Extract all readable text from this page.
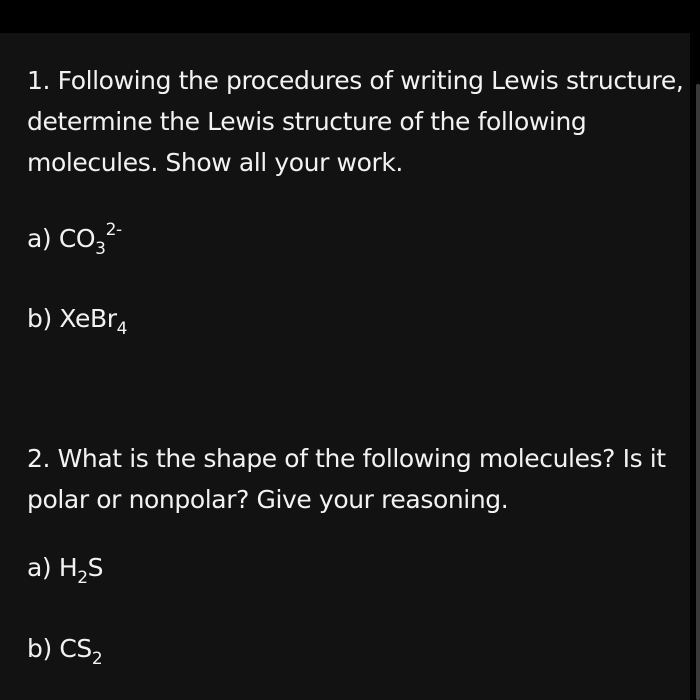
1. Following the procedures of writing Lewis structure,
determine the Lewis structure of the following
molecules. Show all your work.
a) $CO_3^{2-}$
b) XeBr$_4$
2. What is the shape of the following molecules? Is it
polar or nonpolar? Give your reasoning.
a) $H_2S$
b) $CS_2$
